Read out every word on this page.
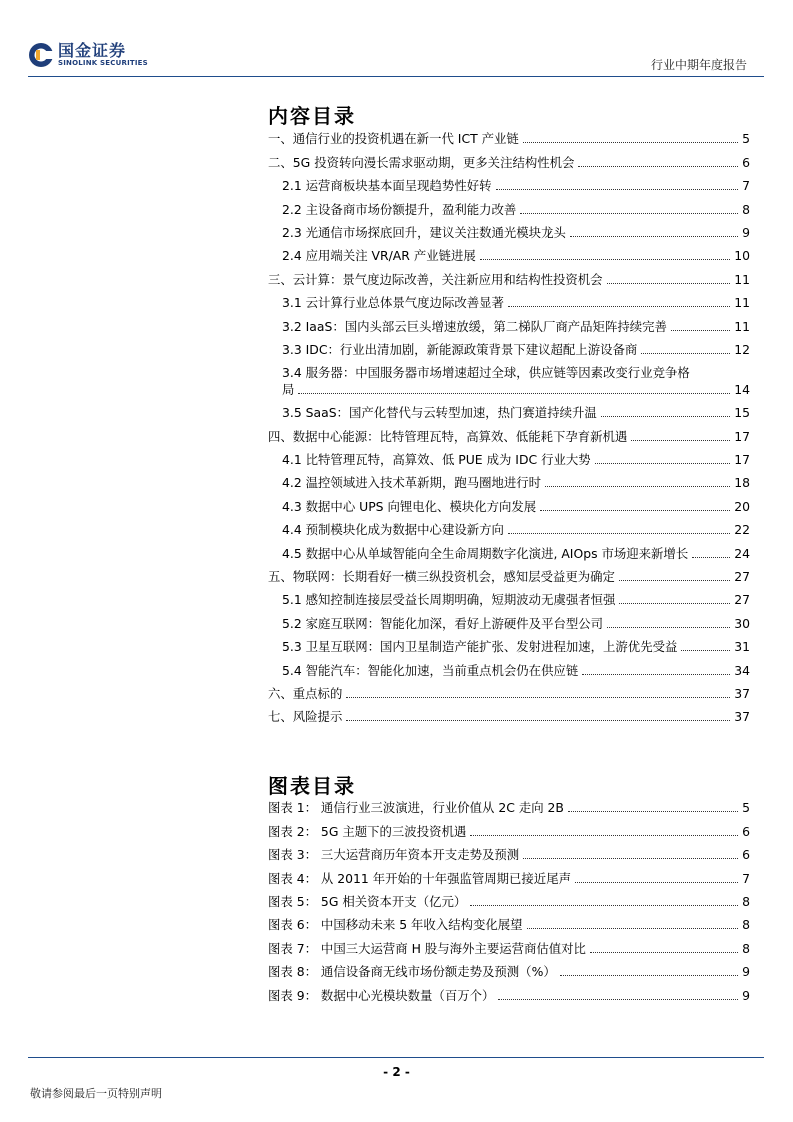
国金证券
SINOLINK SECURITIES	行业中期年度报告
内容目录
一、通信行业的投资机遇在新一代 ICT 产业链	5
二、5G 投资转向漫长需求驱动期，更多关注结构性机会	6
2.1 运营商板块基本面呈现趋势性好转	7
2.2 主设备商市场份额提升，盈利能力改善	8
2.3 光通信市场探底回升，建议关注数通光模块龙头	9
2.4 应用端关注 VR/AR 产业链进展	10
三、云计算：景气度边际改善，关注新应用和结构性投资机会	11
3.1 云计算行业总体景气度边际改善显著	11
3.2 IaaS：国内头部云巨头增速放缓，第二梯队厂商产品矩阵持续完善	11
3.3 IDC：行业出清加剧，新能源政策背景下建议超配上游设备商	12
3.4 服务器：中国服务器市场增速超过全球，供应链等因素改变行业竞争格
局	14
3.5 SaaS：国产化替代与云转型加速，热门赛道持续升温	15
四、数据中心能源：比特管理瓦特，高算效、低能耗下孕育新机遇	17
4.1 比特管理瓦特，高算效、低 PUE 成为 IDC 行业大势	17
4.2 温控领域进入技术革新期，跑马圈地进行时	18
4.3 数据中心 UPS 向锂电化、模块化方向发展	20
4.4 预制模块化成为数据中心建设新方向	22
4.5 数据中心从单域智能向全生命周期数字化演进, AIOps 市场迎来新增长	24
五、物联网：长期看好一横三纵投资机会，感知层受益更为确定	27
5.1 感知控制连接层受益长周期明确，短期波动无虞强者恒强	27
5.2 家庭互联网：智能化加深，看好上游硬件及平台型公司	30
5.3 卫星互联网：国内卫星制造产能扩张、发射进程加速，上游优先受益	31
5.4 智能汽车：智能化加速，当前重点机会仍在供应链	34
六、重点标的	37
七、风险提示	37
图表目录
图表 1： 通信行业三波演进，行业价值从 2C 走向 2B	5
图表 2： 5G 主题下的三波投资机遇	6
图表 3： 三大运营商历年资本开支走势及预测	6
图表 4： 从 2011 年开始的十年强监管周期已接近尾声	7
图表 5： 5G 相关资本开支（亿元）	8
图表 6： 中国移动未来 5 年收入结构变化展望	8
图表 7： 中国三大运营商 H 股与海外主要运营商估值对比	8
图表 8： 通信设备商无线市场份额走势及预测（%）	9
图表 9： 数据中心光模块数量（百万个）	9
- 2 -
敬请参阅最后一页特别声明
